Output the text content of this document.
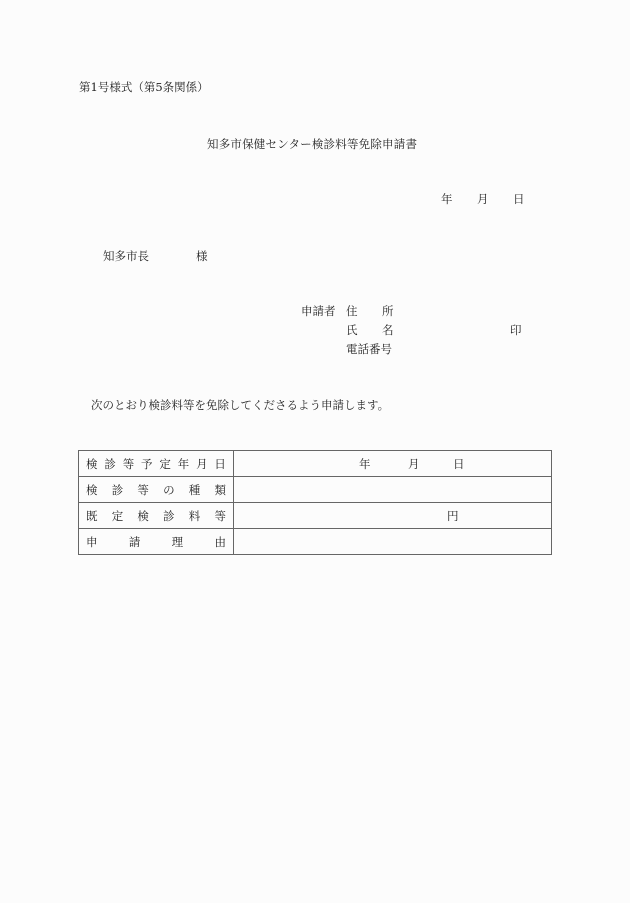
第1号様式（第5条関係）
知多市保健センター検診料等免除申請書
年 月 日
知多市長	様
申請者 住 所
氏 名	印
電話番号
次のとおり検診料等を免除してくださるよう申請します。
検 診 等 予 定 年 月 日	年	月	日

検 診 等 の 種 類

既 定 検 診 料 等	円

申 請 理 由	
